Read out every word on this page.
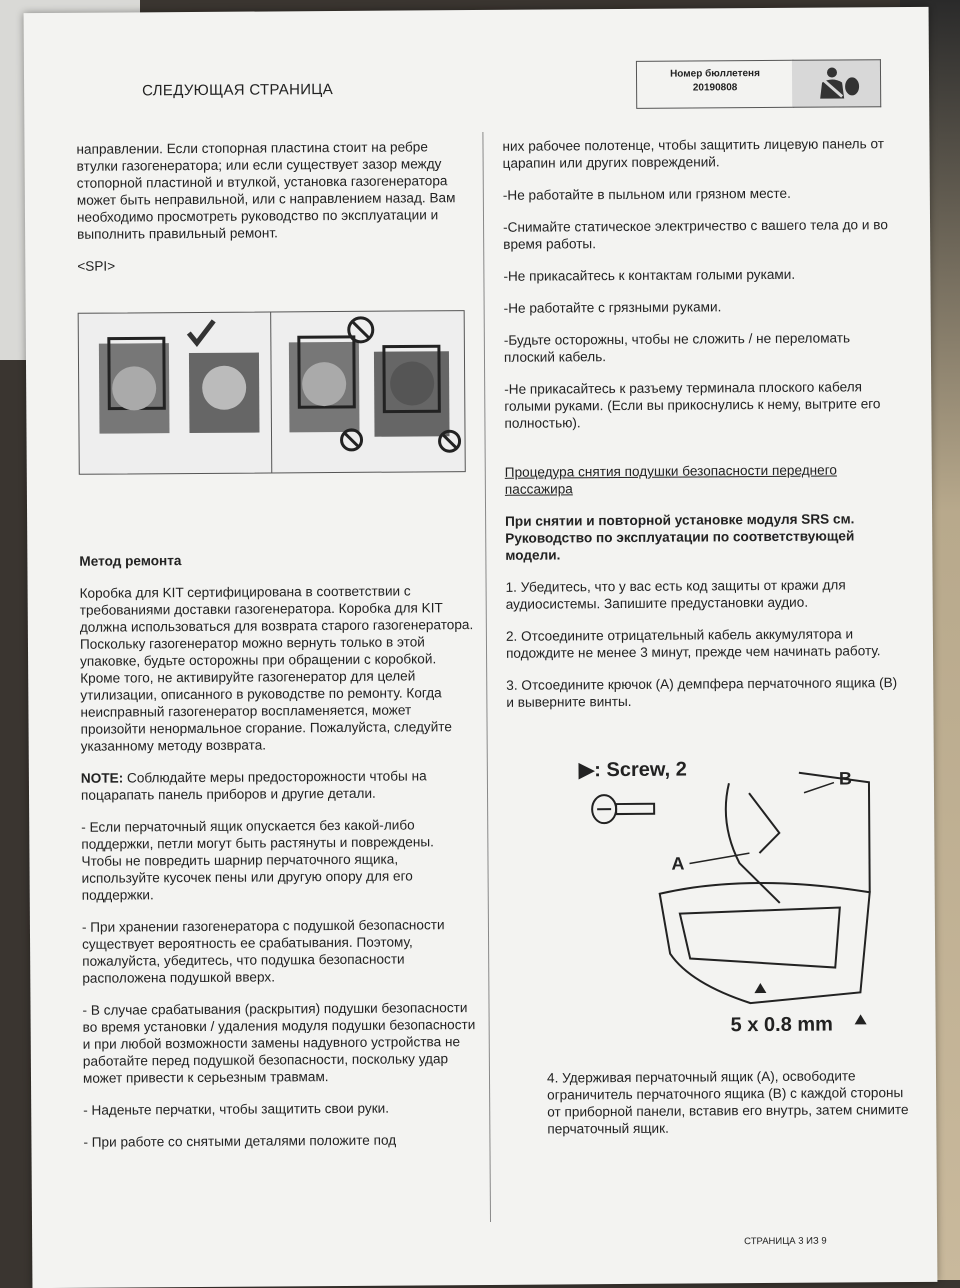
СЛЕДУЮЩАЯ СТРАНИЦА
Номер бюллетеня
20190808

направлении. Если стопорная пластина стоит на ребре втулки газогенератора; или если существует зазор между стопорной пластиной и втулкой, установка газогенератора может быть неправильной, или с направлением назад. Вам необходимо просмотреть руководство по эксплуатации и выполнить правильный ремонт.

<SPI>

Метод ремонта

Коробка для KIT сертифицирована в соответствии с требованиями доставки газогенератора. Коробка для KIT должна использоваться для возврата старого газогенератора. Поскольку газогенератор можно вернуть только в этой упаковке, будьте осторожны при обращении с коробкой. Кроме того, не активируйте газогенератор для целей утилизации, описанного в руководстве по ремонту. Когда неисправный газогенератор воспламеняется, может произойти ненормальное сгорание. Пожалуйста, следуйте указанному методу возврата.

NOTE: Соблюдайте меры предосторожности чтобы на поцарапать панель приборов и другие детали.

- Если перчаточный ящик опускается без какой-либо поддержки, петли могут быть растянуты и повреждены. Чтобы не повредить шарнир перчаточного ящика, используйте кусочек пены или другую опору для его поддержки.

- При хранении газогенератора с подушкой безопасности существует вероятность ее срабатывания. Поэтому, пожалуйста, убедитесь, что подушка безопасности расположена подушкой вверх.

- В случае срабатывания (раскрытия) подушки безопасности во время установки / удаления модуля подушки безопасности и при любой возможности замены надувного устройства не работайте перед подушкой безопасности, поскольку удар может привести к серьезным травмам.

- Наденьте перчатки, чтобы защитить свои руки.

- При работе со снятыми деталями положите под

них рабочее полотенце, чтобы защитить лицевую панель от царапин или других повреждений.

-Не работайте в пыльном или грязном месте.

-Снимайте статическое электричество с вашего тела до и во время работы.

-Не прикасайтесь к контактам голыми руками.

-Не работайте с грязными руками.

-Будьте осторожны, чтобы не сложить / не переломать плоский кабель.

-Не прикасайтесь к разъему терминала плоского кабеля голыми руками. (Если вы прикоснулись к нему, вытрите его полностью).

Процедура снятия подушки безопасности переднего пассажира

При снятии и повторной установке модуля SRS см. Руководство по эксплуатации по соответствующей модели.

1. Убедитесь, что у вас есть код защиты от кражи для аудиосистемы. Запишите предустановки аудио.

2. Отсоедините отрицательный кабель аккумулятора и подождите не менее 3 минут, прежде чем начинать работу.

3. Отсоедините крючок (А) демпфера перчаточного ящика (В) и выверните винты.

▶: Screw, 2	B
A
5 x 0.8 mm

4. Удерживая перчаточный ящик (А), освободите ограничитель перчаточного ящика (В) с каждой стороны от приборной панели, вставив его внутрь, затем снимите перчаточный ящик.

СТРАНИЦА 3 ИЗ 9
